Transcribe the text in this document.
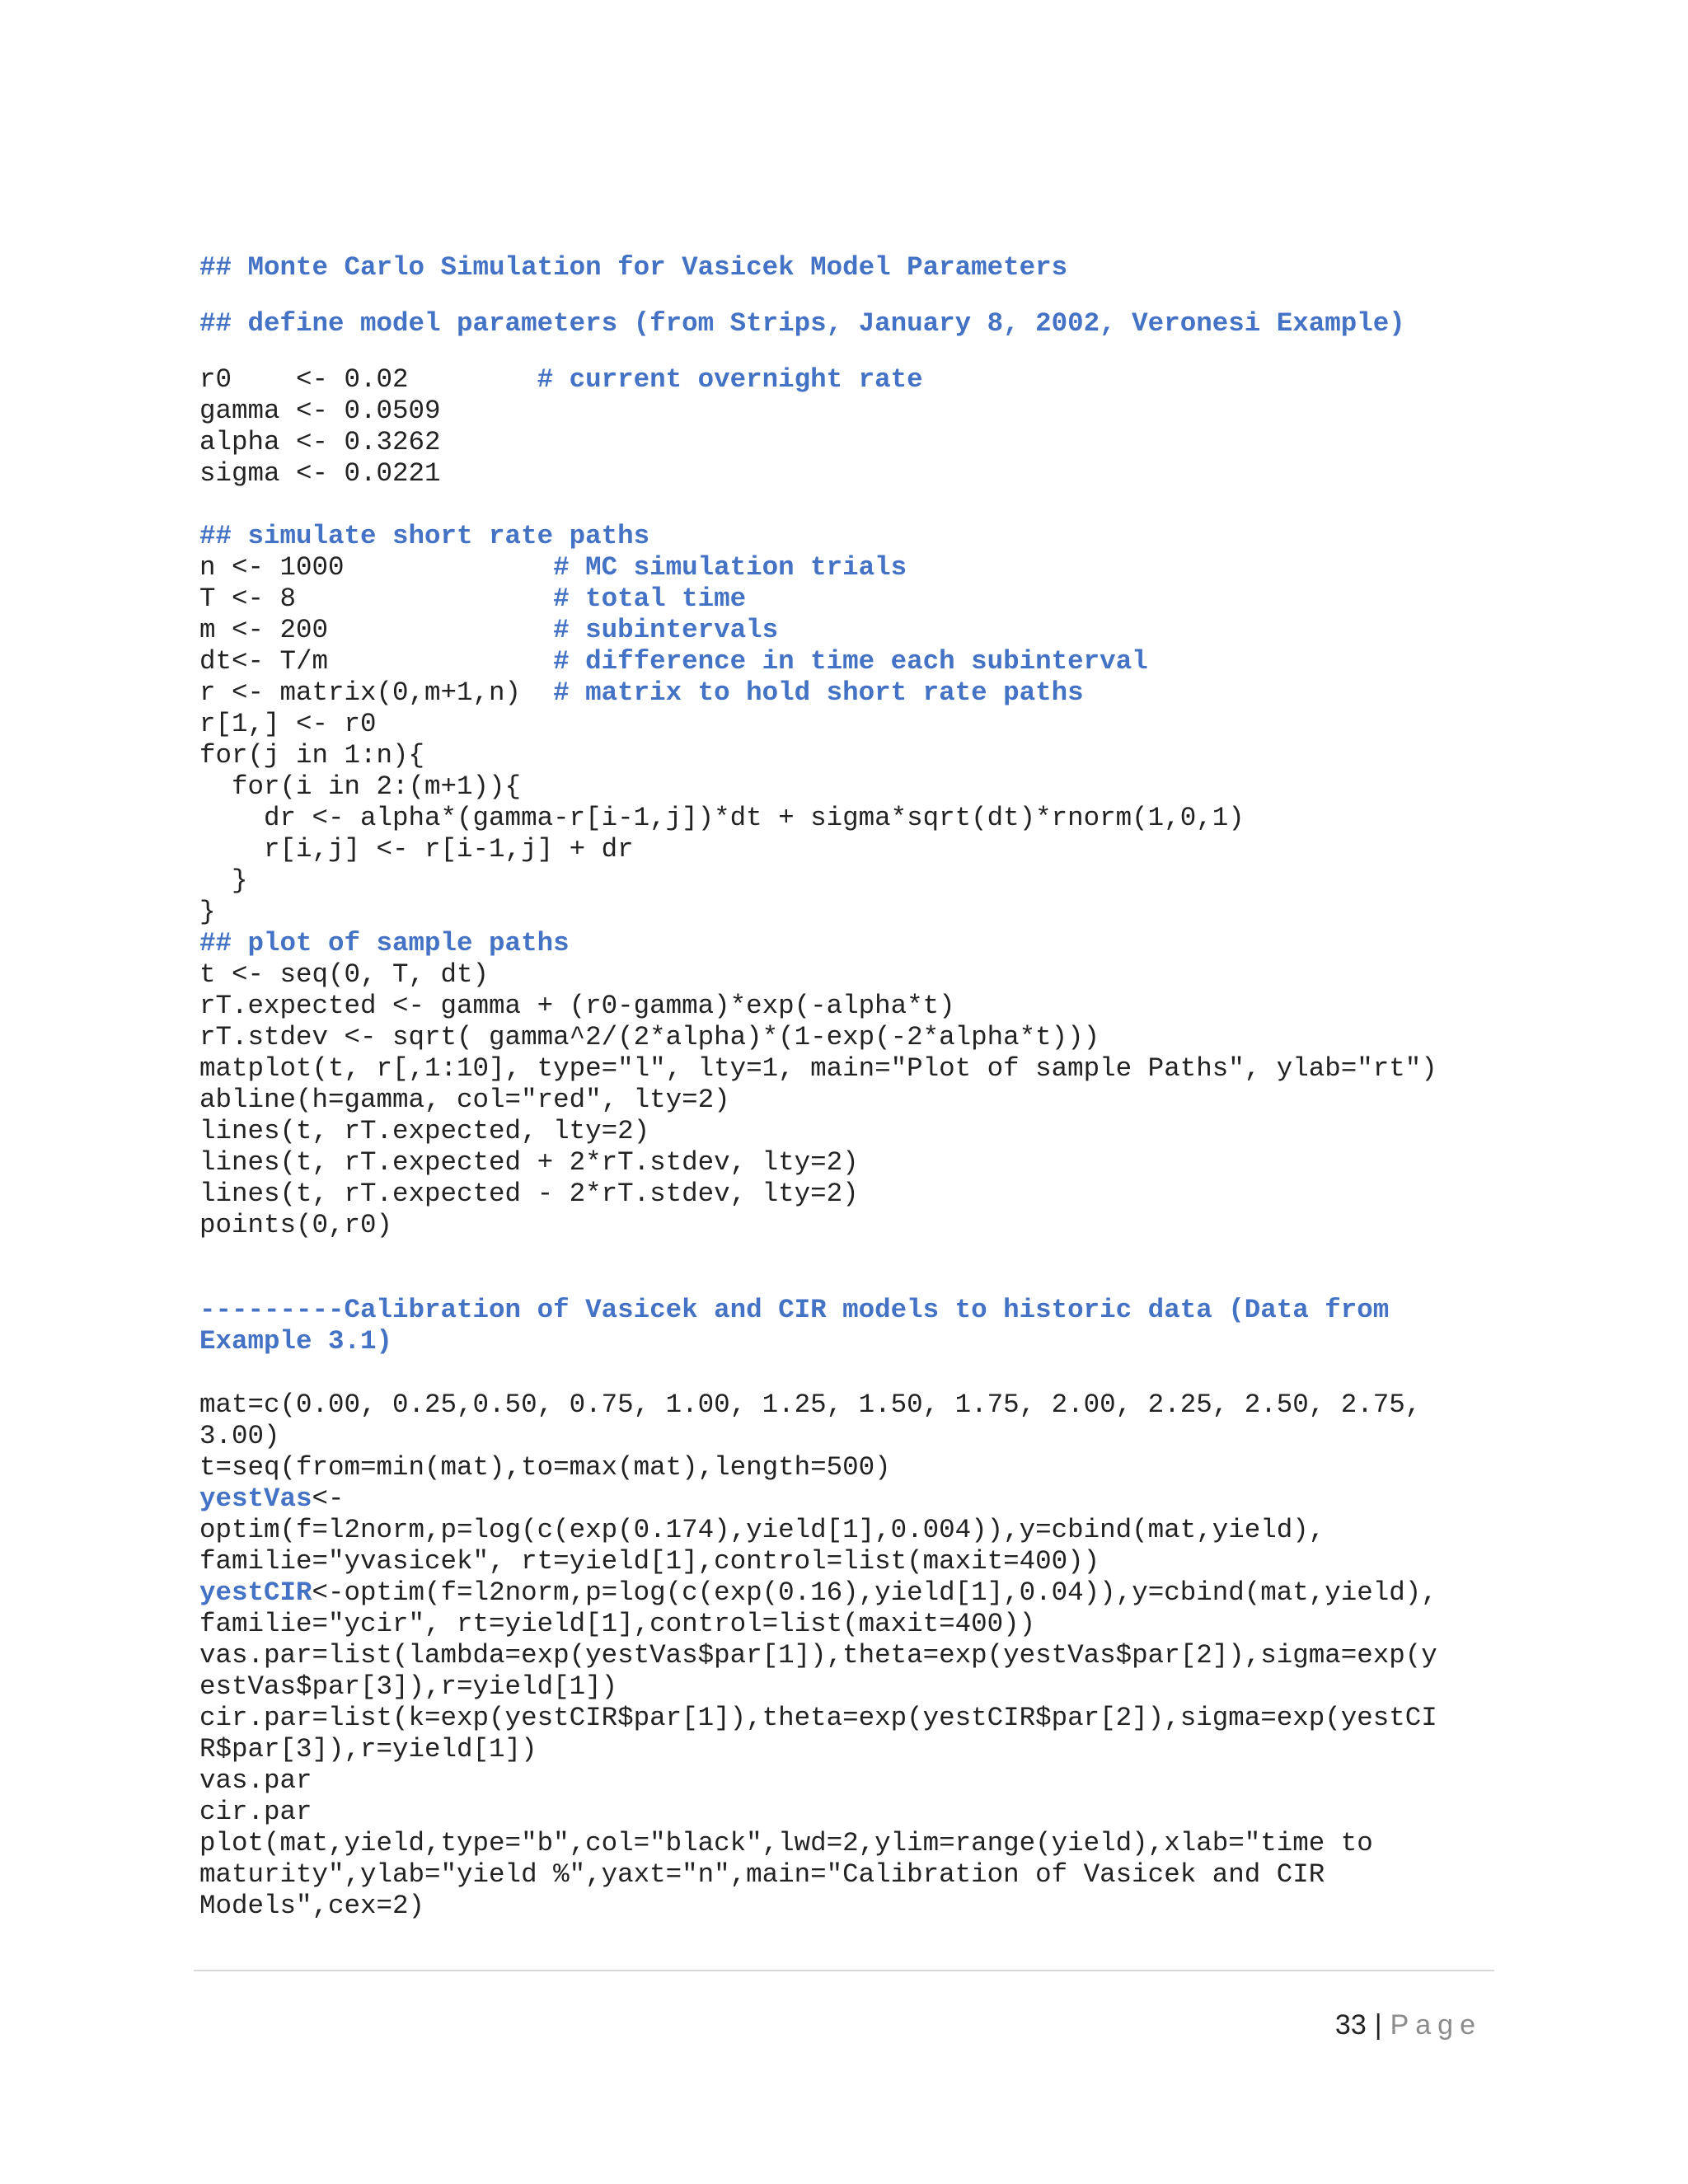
## Monte Carlo Simulation for Vasicek Model Parameters
## define model parameters (from Strips, January 8, 2002, Veronesi Example)
r0    <- 0.02        # current overnight rate
gamma <- 0.0509
alpha <- 0.3262
sigma <- 0.0221
## simulate short rate paths
n <- 1000             # MC simulation trials
T <- 8                # total time
m <- 200              # subintervals
dt<- T/m              # difference in time each subinterval
r <- matrix(0,m+1,n)  # matrix to hold short rate paths
r[1,] <- r0
for(j in 1:n){
for(i in 2:(m+1)){
dr <- alpha*(gamma-r[i-1,j])*dt + sigma*sqrt(dt)*rnorm(1,0,1)
r[i,j] <- r[i-1,j] + dr
}
}
## plot of sample paths
t <- seq(0, T, dt)
rT.expected <- gamma + (r0-gamma)*exp(-alpha*t)
rT.stdev <- sqrt( gamma^2/(2*alpha)*(1-exp(-2*alpha*t)))
matplot(t, r[,1:10], type="l", lty=1, main="Plot of sample Paths", ylab="rt")
abline(h=gamma, col="red", lty=2)
lines(t, rT.expected, lty=2)
lines(t, rT.expected + 2*rT.stdev, lty=2)
lines(t, rT.expected - 2*rT.stdev, lty=2)
points(0,r0)
---------Calibration of Vasicek and CIR models to historic data (Data from
Example 3.1)
mat=c(0.00, 0.25,0.50, 0.75, 1.00, 1.25, 1.50, 1.75, 2.00, 2.25, 2.50, 2.75,
3.00)
t=seq(from=min(mat),to=max(mat),length=500)
yestVas<-
optim(f=l2norm,p=log(c(exp(0.174),yield[1],0.004)),y=cbind(mat,yield),
familie="yvasicek", rt=yield[1],control=list(maxit=400))
yestCIR<-optim(f=l2norm,p=log(c(exp(0.16),yield[1],0.04)),y=cbind(mat,yield),
familie="ycir", rt=yield[1],control=list(maxit=400))
vas.par=list(lambda=exp(yestVas$par[1]),theta=exp(yestVas$par[2]),sigma=exp(y
estVas$par[3]),r=yield[1])
cir.par=list(k=exp(yestCIR$par[1]),theta=exp(yestCIR$par[2]),sigma=exp(yestCI
R$par[3]),r=yield[1])
vas.par
cir.par
plot(mat,yield,type="b",col="black",lwd=2,ylim=range(yield),xlab="time to
maturity",ylab="yield %",yaxt="n",main="Calibration of Vasicek and CIR
Models",cex=2)
33 | Page
